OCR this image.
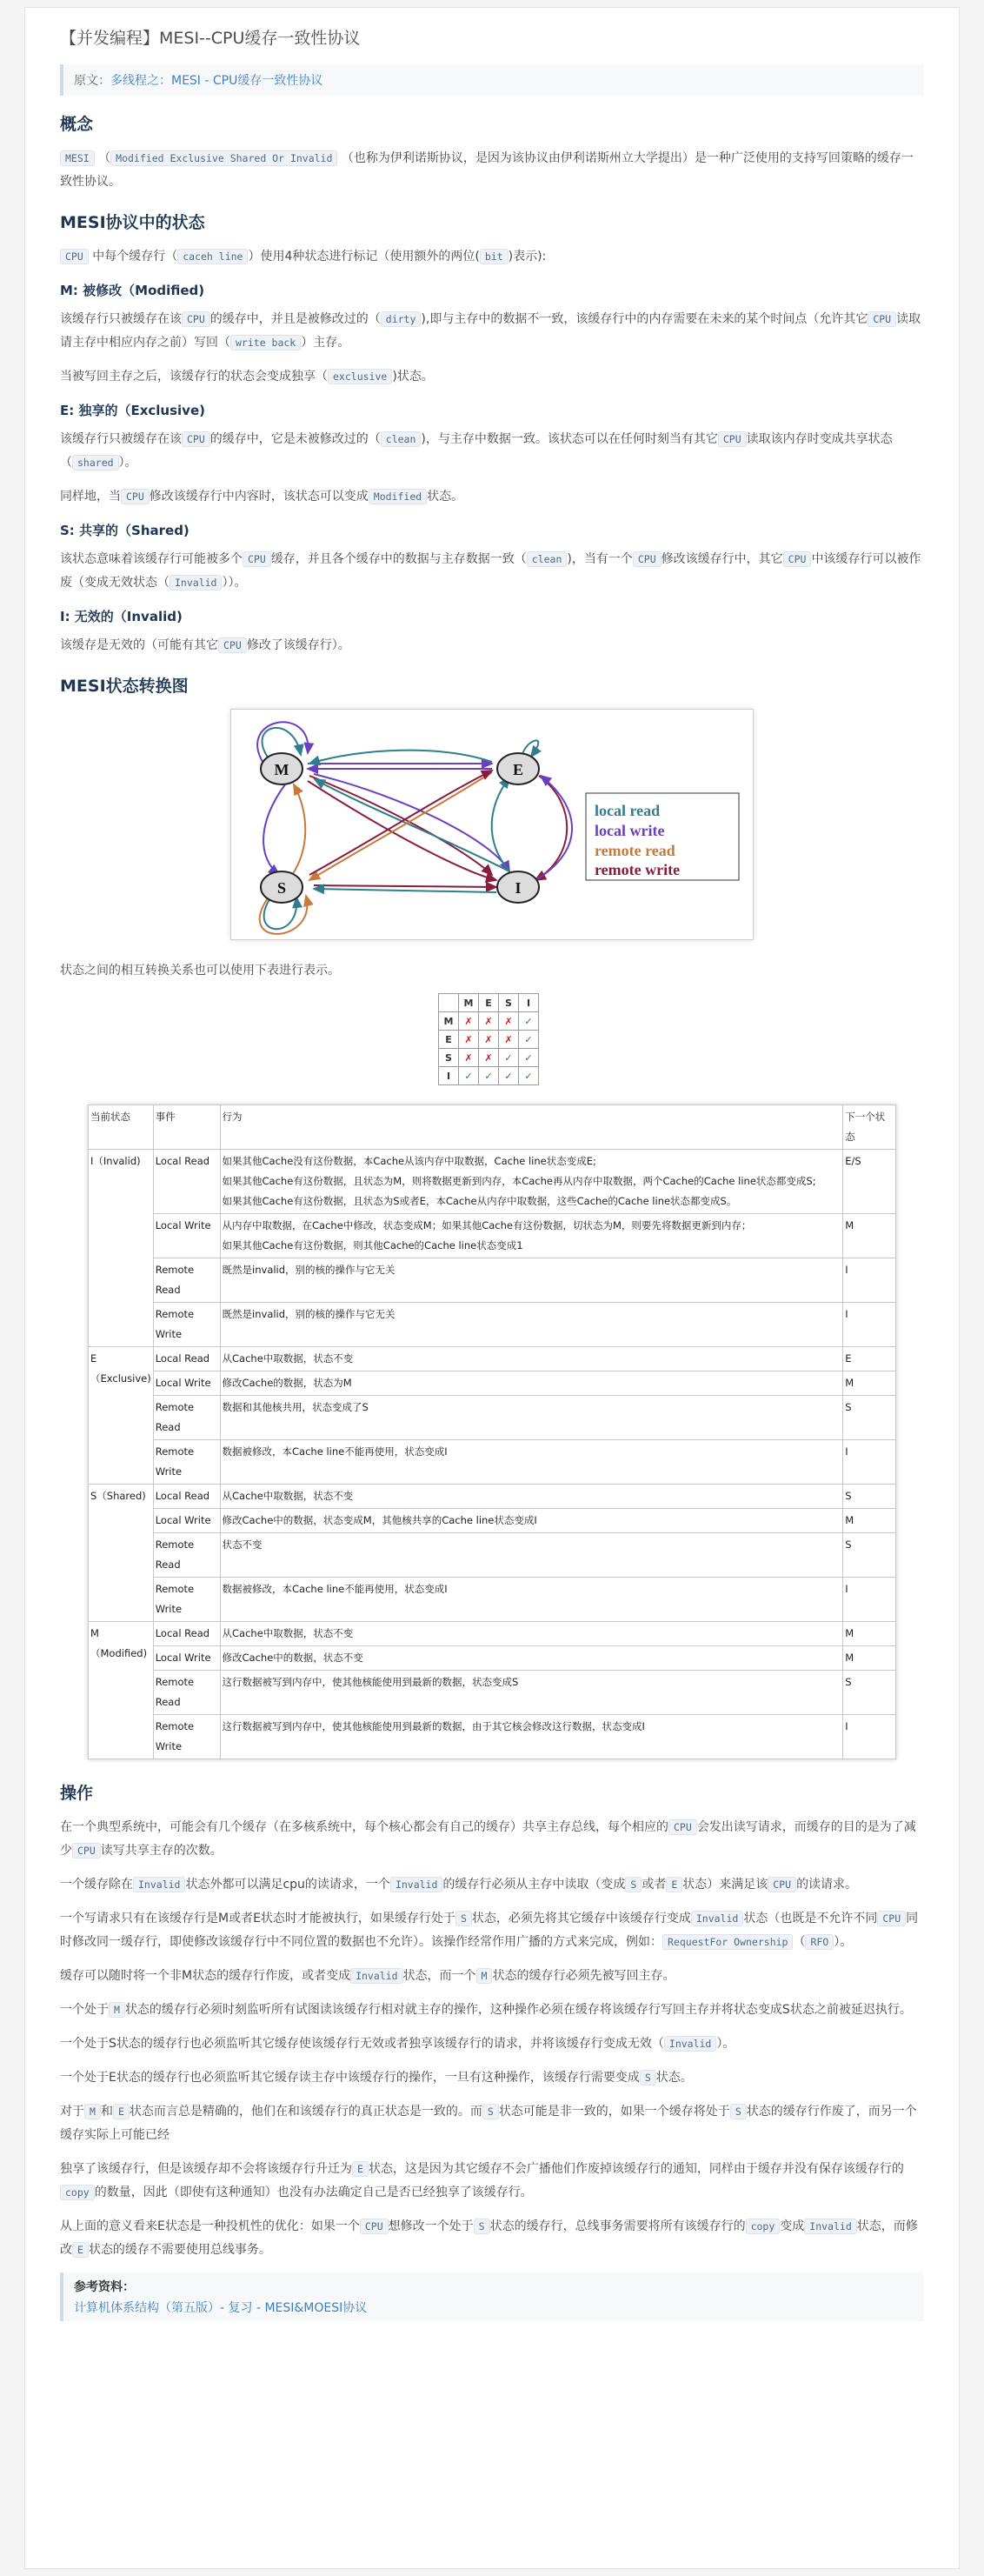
【并发编程】MESI--CPU缓存一致性协议
原文：多线程之：MESI - CPU缓存一致性协议
概念

MESI （ Modified Exclusive Shared Or Invalid （也称为伊利诺斯协议，是因为该协议由伊利诺斯州立大学提出）是一种广泛使用的支持写回策略的缓存一致性协议。

MESI协议中的状态

CPU 中每个缓存行（ caceh line ）使用4种状态进行标记（使用额外的两位( bit )表示):

M: 被修改（Modified)

该缓存行只被缓存在该 CPU 的缓存中，并且是被修改过的（ dirty ),即与主存中的数据不一致，该缓存行中的内存需要在未来的某个时间点（允许其它 CPU 读取请主存中相应内存之前）写回（ write back ）主存。

当被写回主存之后，该缓存行的状态会变成独享（ exclusive )状态。

E: 独享的（Exclusive)

该缓存行只被缓存在该 CPU 的缓存中，它是未被修改过的（ clean )，与主存中数据一致。该状态可以在任何时刻当有其它 CPU 读取该内存时变成共享状态（ shared ）。

同样地，当 CPU 修改该缓存行中内容时，该状态可以变成 Modified 状态。

S: 共享的（Shared)

该状态意味着该缓存行可能被多个 CPU 缓存，并且各个缓存中的数据与主存数据一致（ clean )，当有一个 CPU 修改该缓存行中，其它 CPU 中该缓存行可以被作废（变成无效状态（ Invalid ））。

I: 无效的（Invalid)

该缓存是无效的（可能有其它 CPU 修改了该缓存行）。

MESI状态转换图
M	E
S	I
local read
local write
remote read
remote write

状态之间的相互转换关系也可以使用下表进行表示。

	M	E	S	I
M	✗	✗	✗	✓
E	✗	✗	✗	✓
S	✗	✗	✓	✓
I	✓	✓	✓	✓
当前状态	事件	行为	下一个状态
I（Invalid)	Local Read	如果其他Cache没有这份数据，本Cache从该内存中取数据，Cache line状态变成E;
如果其他Cache有这份数据，且状态为M，则将数据更新到内存，本Cache再从内存中取数据，两个Cache的Cache line状态都变成S;
如果其他Cache有这份数据，且状态为S或者E，本Cache从内存中取数据，这些Cache的Cache line状态都变成S。	E/S
	Local Write	从内存中取数据，在Cache中修改，状态变成M；如果其他Cache有这份数据，切状态为M，则要先将数据更新到内存；
如果其他Cache有这份数据，则其他Cache的Cache line状态变成1	M
	Remote Read	既然是invalid，别的核的操作与它无关	I
	Remote Write	既然是invalid，别的核的操作与它无关	I
E（Exclusive)	Local Read	从Cache中取数据，状态不变	E
	Local Write	修改Cache的数据，状态为M	M
	Remote Read	数据和其他核共用，状态变成了S	S
	Remote Write	数据被修改，本Cache line不能再使用，状态变成I	I
S（Shared)	Local Read	从Cache中取数据，状态不变	S
	Local Write	修改Cache中的数据，状态变成M，其他核共享的Cache line状态变成I	M
	Remote Read	状态不变	S
	Remote Write	数据被修改，本Cache line不能再使用，状态变成I	I
M（Modified)	Local Read	从Cache中取数据，状态不变	M
	Local Write	修改Cache中的数据，状态不变	M
	Remote Read	这行数据被写到内存中，使其他核能使用到最新的数据，状态变成S	S
	Remote Write	这行数据被写到内存中，使其他核能使用到最新的数据，由于其它核会修改这行数据，状态变成I	I
操作

在一个典型系统中，可能会有几个缓存（在多核系统中，每个核心都会有自己的缓存）共享主存总线，每个相应的 CPU 会发出读写请求，而缓存的目的是为了减少 CPU 读写共享主存的次数。

一个缓存除在 Invalid 状态外都可以满足cpu的读请求，一个 Invalid 的缓存行必须从主存中读取（变成 S 或者 E 状态）来满足该 CPU 的读请求。

一个写请求只有在该缓存行是M或者E状态时才能被执行，如果缓存行处于 S 状态，必须先将其它缓存中该缓存行变成 Invalid 状态（也既是不允许不同 CPU 同时修改同一缓存行，即使修改该缓存行中不同位置的数据也不允许）。该操作经常作用广播的方式来完成，例如： RequestFor Ownership （ RFO ）。

缓存可以随时将一个非M状态的缓存行作废，或者变成 Invalid 状态，而一个 M 状态的缓存行必须先被写回主存。

一个处于 M 状态的缓存行必须时刻监听所有试图读该缓存行相对就主存的操作，这种操作必须在缓存将该缓存行写回主存并将状态变成S状态之前被延迟执行。

一个处于S状态的缓存行也必须监听其它缓存使该缓存行无效或者独享该缓存行的请求，并将该缓存行变成无效（ Invalid ）。

一个处于E状态的缓存行也必须监听其它缓存读主存中该缓存行的操作，一旦有这种操作，该缓存行需要变成 S 状态。

对于 M 和 E 状态而言总是精确的，他们在和该缓存行的真正状态是一致的。而 S 状态可能是非一致的，如果一个缓存将处于 S 状态的缓存行作废了，而另一个缓存实际上可能已经

独享了该缓存行，但是该缓存却不会将该缓存行升迁为 E 状态，这是因为其它缓存不会广播他们作废掉该缓存行的通知，同样由于缓存并没有保存该缓存行的copy 的数量，因此（即使有这种通知）也没有办法确定自己是否已经独享了该缓存行。

从上面的意义看来E状态是一种投机性的优化：如果一个 CPU 想修改一个处于 S 状态的缓存行，总线事务需要将所有该缓存行的 copy 变成 Invalid 状态，而修改 E 状态的缓存不需要使用总线事务。

参考资料：
计算机体系结构（第五版）- 复习 - MESI&MOESI协议
